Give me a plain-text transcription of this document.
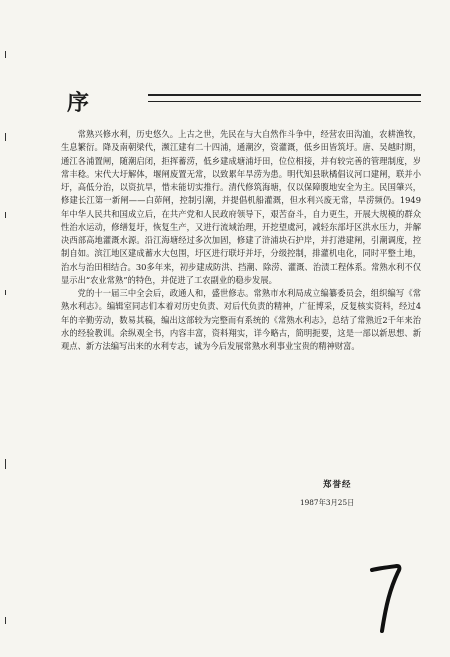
序

常熟兴修水利，历史悠久。上古之世，先民在与大自然作斗争中，经营农田沟洫，农耕渔牧，生息繁衍。降及南朝梁代，濒江建有二十四浦，通潮汐，资灌溉，低乡田皆筑圩。唐、吴越时期，通江各浦置闸，随潮启闭，拒挥蓄涝，低乡建成塘浦圩田，位位相接，并有较完善的管理制度，岁常丰稔。宋代大圩解体，堰闸废置无常，以致累年旱涝为患。明代知县耿橘倡议河口建闸，联并小圩，高低分治，以资抗旱，惜未能切实推行。清代修筑海塘，仅以保障腹地安全为主。民国肇兴，修建长江第一新闸——白茆闸，控制引潮，并提倡机船灌溉，但水利兴废无常，旱涝频仍。1949年中华人民共和国成立后，在共产党和人民政府领导下，艰苦奋斗，自力更生，开展大规模的群众性治水运动，修缮复圩，恢复生产，又进行流域治理，开挖望虞河，减轻东部圩区洪水压力，并解决西部高地灌溉水源。沿江海塘经过多次加固，修建了浒浦块石护岸，并打港建闸，引潮调度，控制自如。滨江地区建成蓄水大包围，圩区进行联圩并圩，分级控制，排灌机电化，同时平整土地，治水与治田相结合。30多年来，初步建成防洪、挡潮、除涝、灌溉、治渍工程体系。常熟水利不仅显示出“农业常熟”的特色，并促进了工农副业的稳步发展。

党的十一届三中全会后，政通人和，盛世修志。常熟市水利局成立编纂委员会，组织编写《常熟水利志》。编辑室同志们本着对历史负责、对后代负责的精神，广征博采，反复核实资料，经过4年的辛勤劳动，数易其稿，编出这部较为完整而有系统的《常熟水利志》，总结了常熟近2千年来治水的经验教训。余纵观全书，内容丰富，资料翔实，详今略古，简明扼要，这是一部以新思想、新观点、新方法编写出来的水利专志，诚为今后发展常熟水利事业宝贵的精神财富。

郑誉经
1987年3月25日
